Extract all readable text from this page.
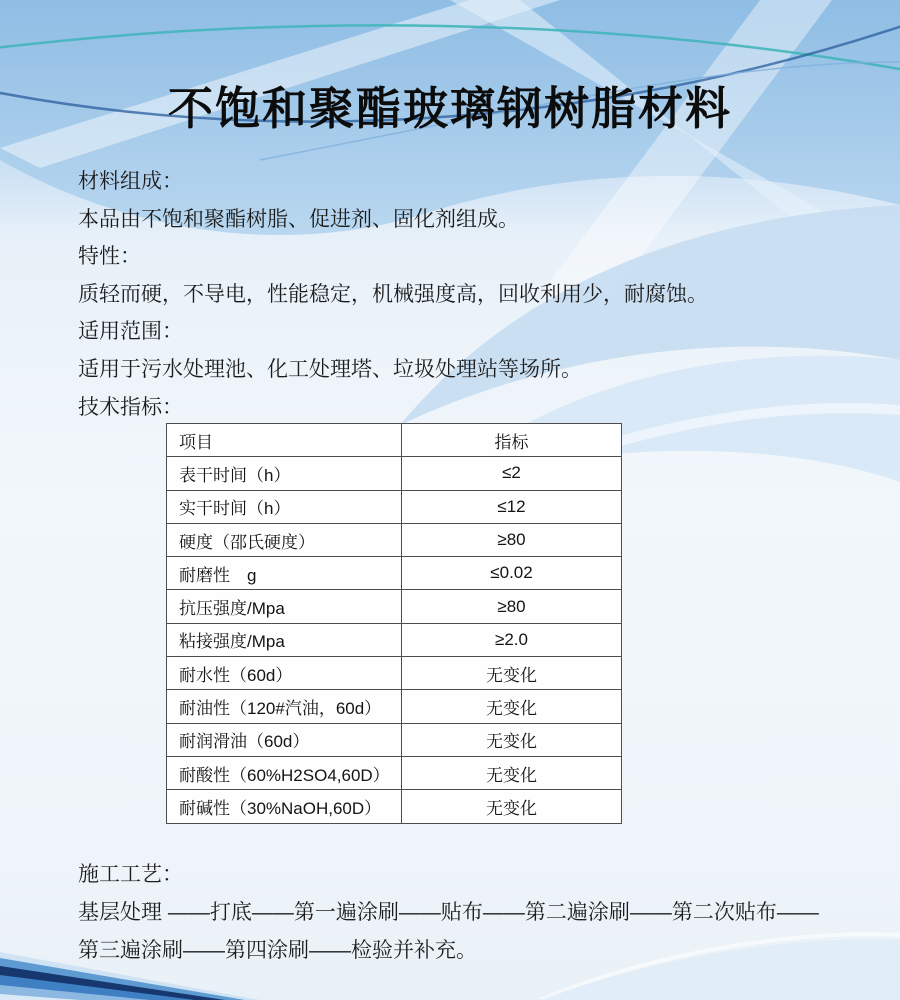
不饱和聚酯玻璃钢树脂材料
材料组成：
本品由不饱和聚酯树脂、促进剂、固化剂组成。
特性：
质轻而硬，不导电，性能稳定，机械强度高，回收利用少，耐腐蚀。
适用范围：
适用于污水处理池、化工处理塔、垃圾处理站等场所。
技术指标：
项目	指标
表干时间（h）	≤2
实干时间（h）	≤12
硬度（邵氏硬度）	≥80
耐磨性　g	≤0.02
抗压强度/Mpa	≥80
粘接强度/Mpa	≥2.0
耐水性（60d）	无变化
耐油性（120#汽油，60d）	无变化
耐润滑油（60d）	无变化
耐酸性（60%H2SO4,60D）	无变化
耐碱性（30%NaOH,60D）	无变化
施工工艺：
基层处理 ——打底——第一遍涂刷——贴布——第二遍涂刷——第二次贴布——
第三遍涂刷——第四涂刷——检验并补充。
